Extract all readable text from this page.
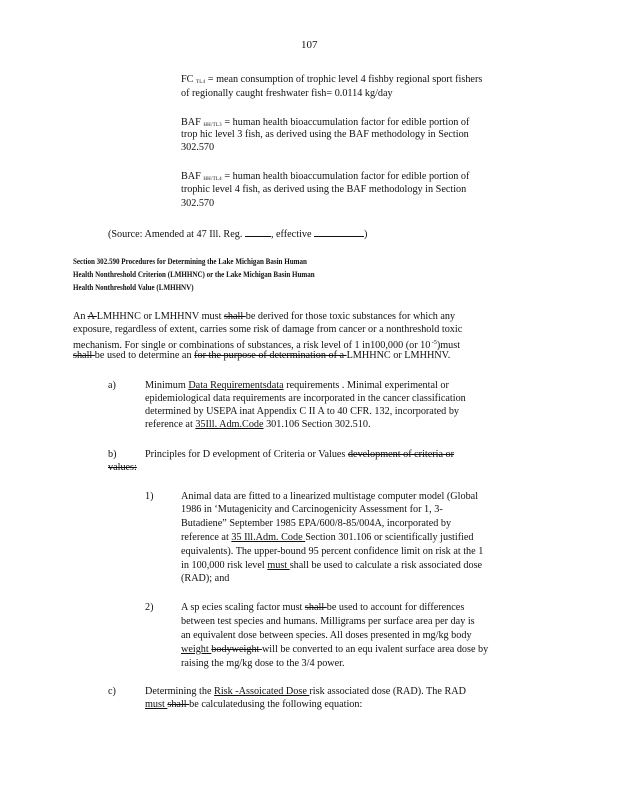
107
FC TL4 = mean consumption of trophic level 4 fishby regional sport fishers
of regionally caught freshwater fish= 0.0114 kg/day
BAF HH/TL3 = human health bioaccumulation factor for edible portion of
trop hic level 3 fish, as derived using the BAF methodology in Section
302.570
BAF HH/TL4 = human health bioaccumulation factor for edible portion of
trophic level 4 fish, as derived using the BAF methodology in Section
302.570
(Source: Amended at 47 Ill. Reg.	, effective	)
Section 302.590 Procedures for Determining the Lake Michigan Basin Human
Health Nonthreshold Criterion (LMHHNC) or the Lake Michigan Basin Human
Health Nonthreshold Value (LMHHNV)
An A LMHHNC or LMHHNV must shall be derived for those toxic substances for which any
exposure, regardless of extent, carries some risk of damage from cancer or a nonthreshold toxic
mechanism. For single or combinations of substances, a risk level of 1 in100,000 (or 10 $^{-5}$)must
shall be used to determine an for the purpose of determination of a LMHHNC or LMHHNV.
a)	Minimum Data Requirementsdata requirements . Minimal experimental or
epidemiological data requirements are incorporated in the cancer classification
determined by USEPA inat Appendix C II A to 40 CFR. 132, incorporated by
reference at 35Ill. Adm.Code 301.106 Section 302.510.
b)	Principles for D evelopment of Criteria or Values development of criteria or
values:
1)	Animal data are fitted to a linearized multistage computer model (Global
1986 in ‘Mutagenicity and Carcinogenicity Assessment for 1, 3-
Butadiene” September 1985 EPA/600/8-85/004A, incorporated by
reference at 35 Ill.Adm. Code Section 301.106 or scientifically justified
equivalents). The upper-bound 95 percent confidence limit on risk at the 1
in 100,000 risk level must shall be used to calculate a risk associated dose
(RAD); and
2)	A sp ecies scaling factor must shall be used to account for differences
between test species and humans. Milligrams per surface area per day is
an equivalent dose between species. All doses presented in mg/kg body
weight bodyweight will be converted to an equ ivalent surface area dose by
raising the mg/kg dose to the 3/4 power.
c)	Determining the Risk -Assoicated Dose risk associated dose (RAD). The RAD
must shall be calculatedusing the following equation:
